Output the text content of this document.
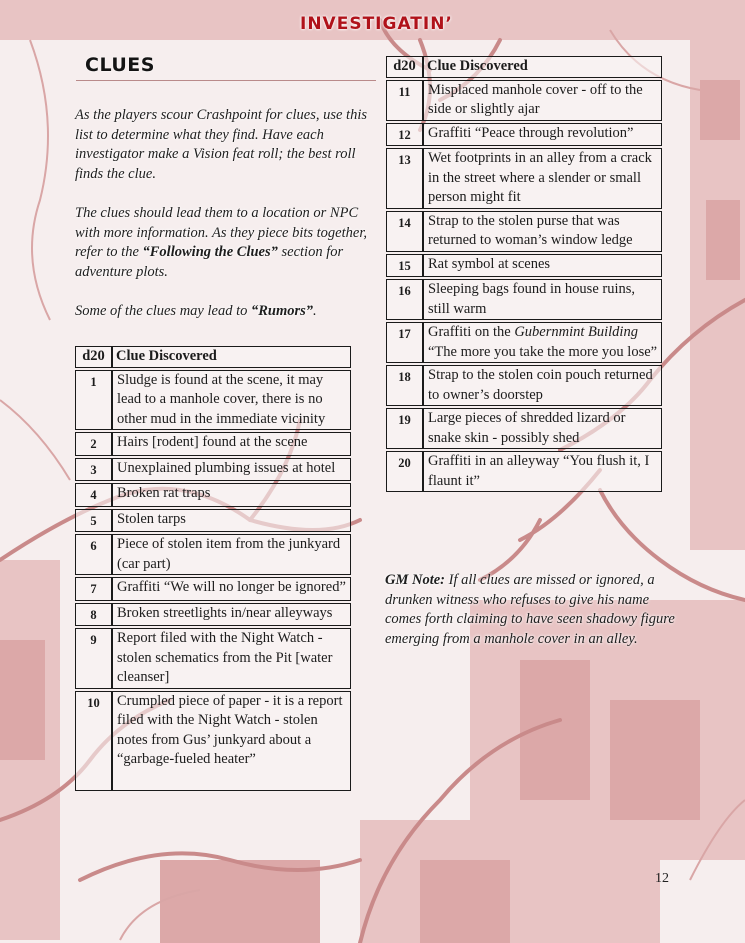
INVESTIGATIN’
CLUES

As the players scour Crashpoint for clues, use this list to determine what they find. Have each investigator make a Vision feat roll; the best roll finds the clue.

The clues should lead them to a location or NPC with more information. As they piece bits together, refer to the “Following the Clues” section for adventure plots.

Some of the clues may lead to “Rumors”.

d20	Clue Discovered
1	Sludge is found at the scene, it may lead to a manhole cover, there is no other mud in the immediate vicinity
2	Hairs [rodent] found at the scene
3	Unexplained plumbing issues at hotel
4	Broken rat traps
5	Stolen tarps
6	Piece of stolen item from the junkyard (car part)
7	Graffiti “We will no longer be ignored”
8	Broken streetlights in/near alleyways
9	Report filed with the Night Watch - stolen schematics from the Pit [water cleanser]
10	Crumpled piece of paper - it is a report filed with the Night Watch - stolen notes from Gus’ junkyard about a “garbage-fueled heater”
d20	Clue Discovered
11	Misplaced manhole cover - off to the side or slightly ajar
12	Graffiti “Peace through revolution”
13	Wet footprints in an alley from a crack in the street where a slender or small person might fit
14	Strap to the stolen purse that was returned to woman’s window ledge
15	Rat symbol at scenes
16	Sleeping bags found in house ruins, still warm
17	Graffiti on the Gubernmint Building “The more you take the more you lose”
18	Strap to the stolen coin pouch returned to owner’s doorstep
19	Large pieces of shredded lizard or snake skin - possibly shed
20	Graffiti in an alleyway “You flush it, I flaunt it”
GM Note: If all clues are missed or ignored, a drunken witness who refuses to give his name comes forth claiming to have seen shadowy figure emerging from a manhole cover in an alley.
12
